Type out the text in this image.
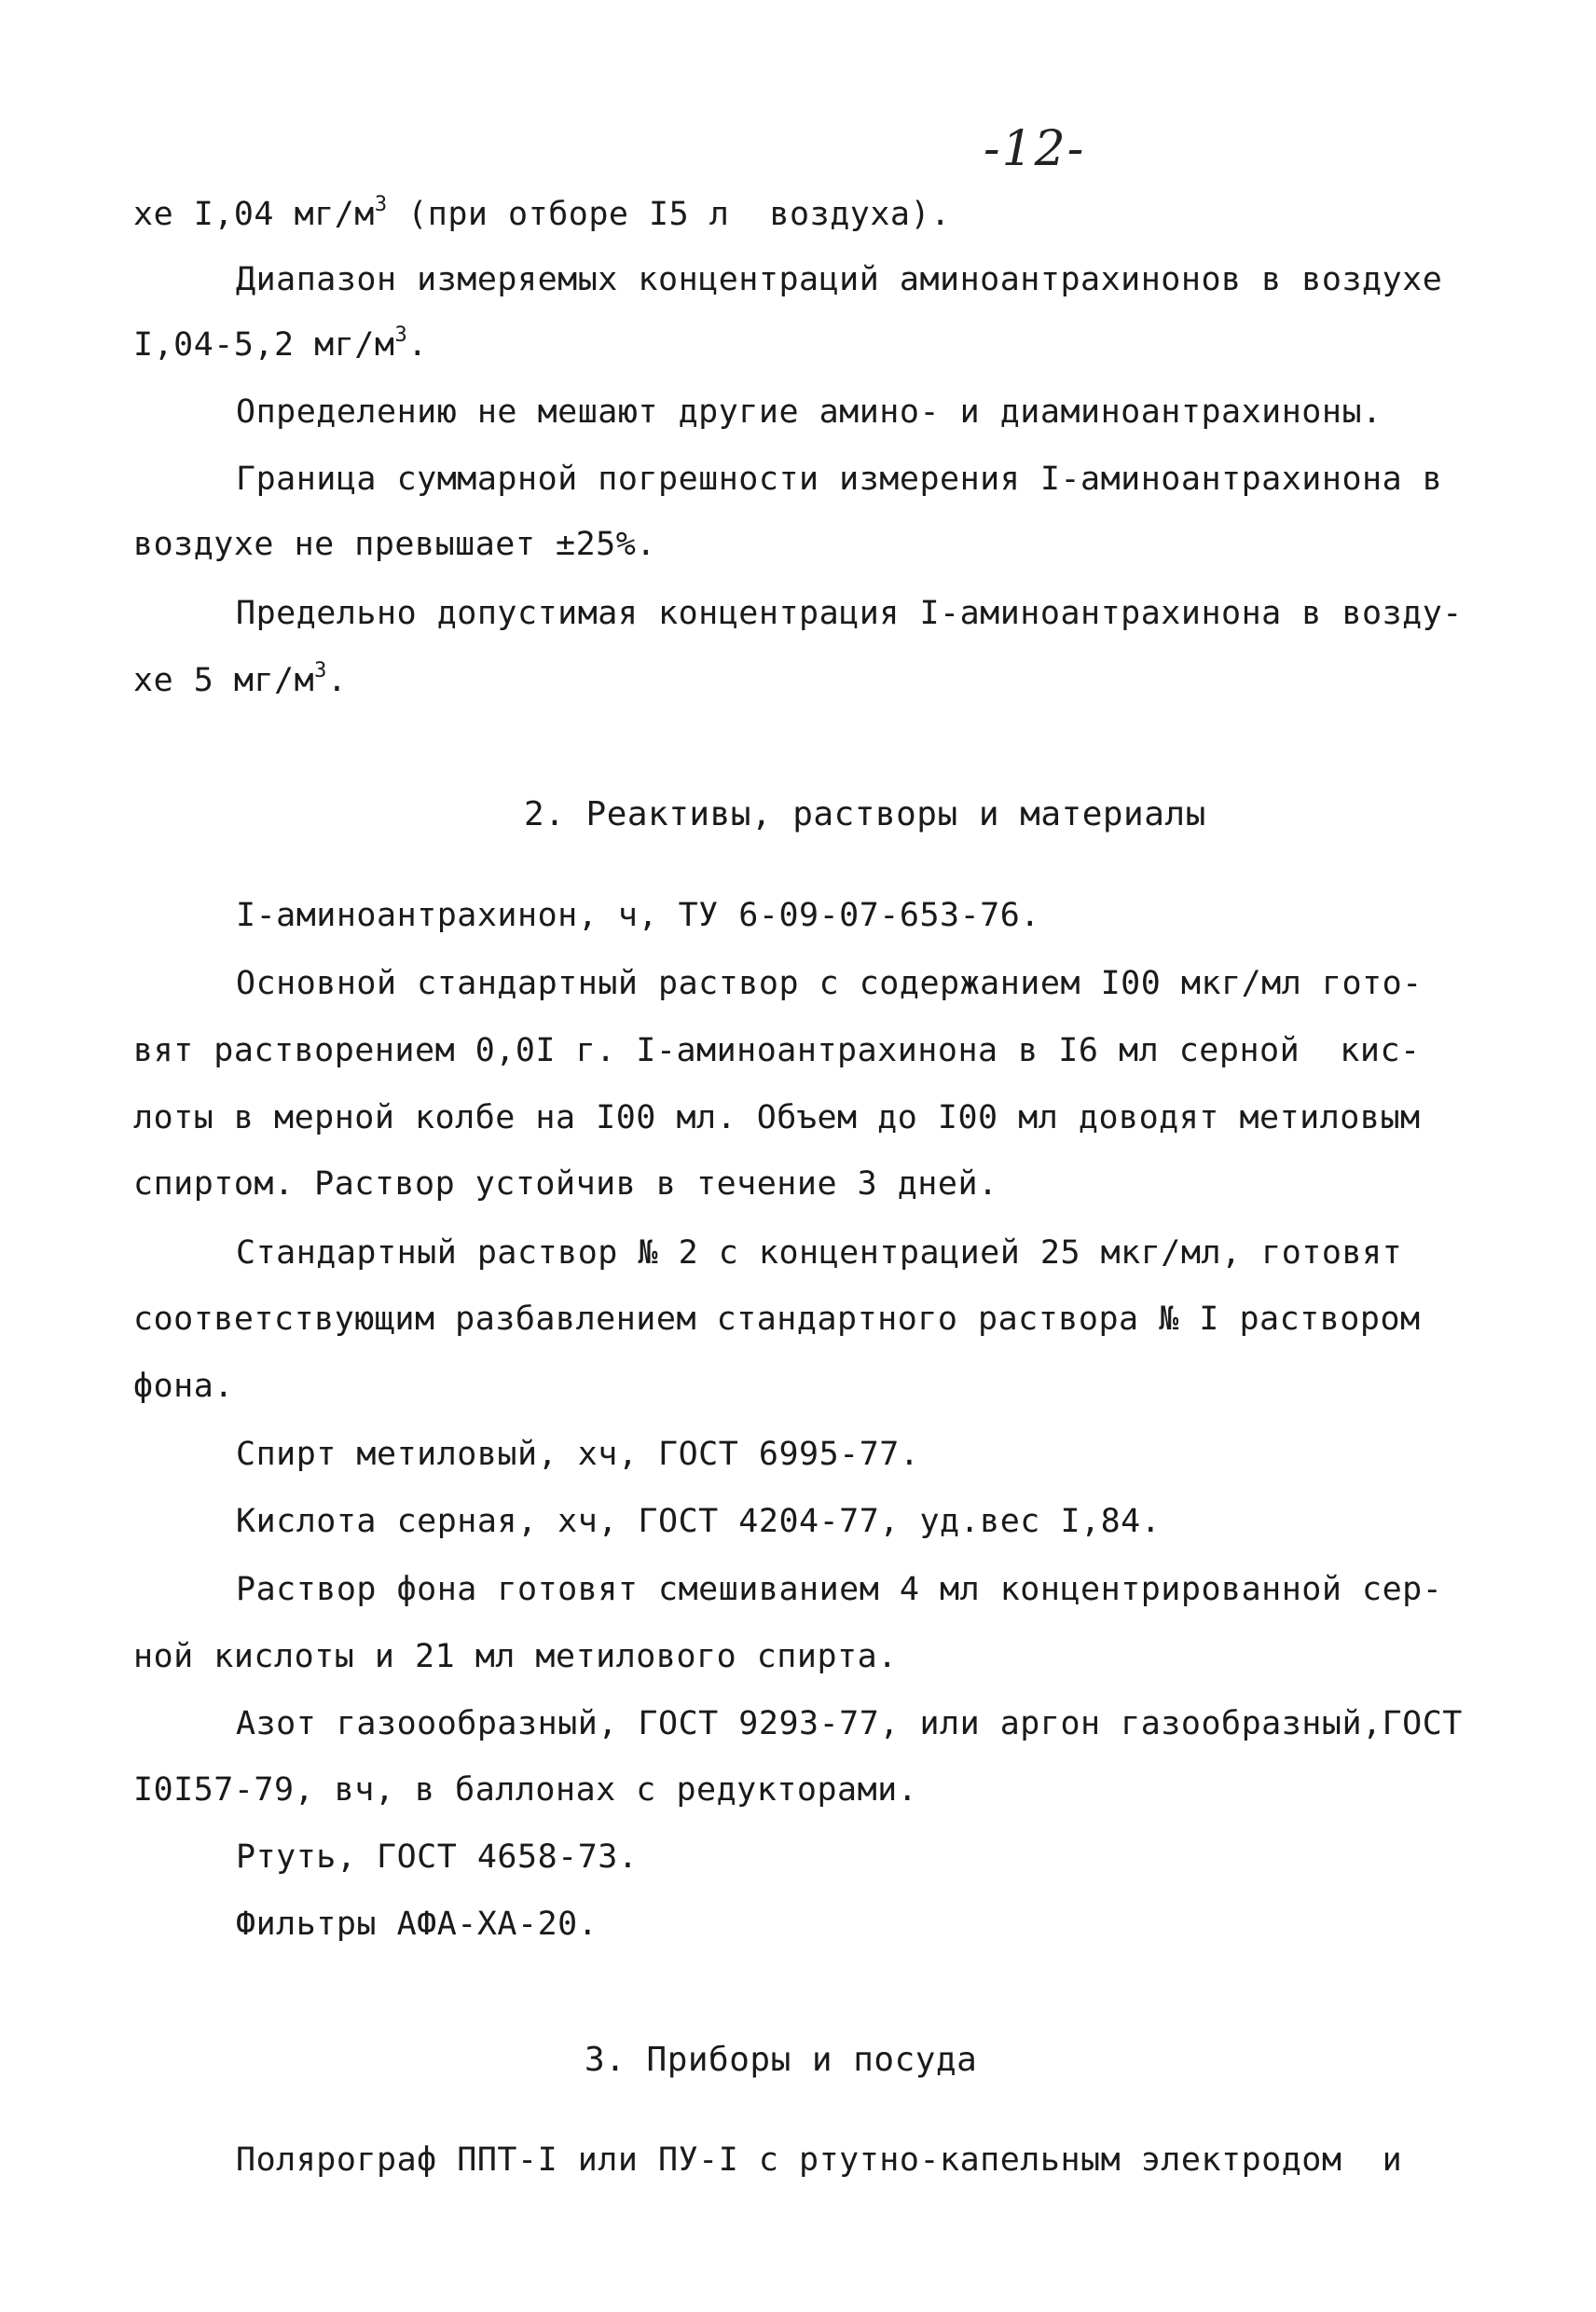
-12-
хе I,04 $мг/м^3$ (при отборе I5 л  воздуха).
Диапазон измеряемых концентраций аминоантрахинонов в воздухе
I,04-5,2 $мг/м^3$.
Определению не мешают другие амино- и диаминоантрахиноны.
Граница суммарной погрешности измерения I-аминоантрахинона в
воздухе не превышает ±25%.
Предельно допустимая концентрация I-аминоантрахинона в возду-
хе 5 $мг/м^3$.
2. Реактивы, растворы и материалы
I-аминоантрахинон, ч, ТУ 6-09-07-653-76.
Основной стандартный раствор с содержанием I00 мкг/мл гото-
вят растворением 0,0I г. I-аминоантрахинона в I6 мл серной  кис-
лоты в мерной колбе на I00 мл. Объем до I00 мл доводят метиловым
спиртом. Раствор устойчив в течение 3 дней.
Стандартный раствор № 2 с концентрацией 25 мкг/мл, готовят
соответствующим разбавлением стандартного раствора № I раствором
фона.
Спирт метиловый, хч, ГОСТ 6995-77.
Кислота серная, хч, ГОСТ 4204-77, уд.вес I,84.
Раствор фона готовят смешиванием 4 мл концентрированной сер-
ной кислоты и 21 мл метилового спирта.
Азот газоообразный, ГОСТ 9293-77, или аргон газообразный,ГОСТ
I0I57-79, вч, в баллонах с редукторами.
Ртуть, ГОСТ 4658-73.
Фильтры АФА-ХА-20.
3. Приборы и посуда
Полярограф ППТ-I или ПУ-I с ртутно-капельным электродом  и
